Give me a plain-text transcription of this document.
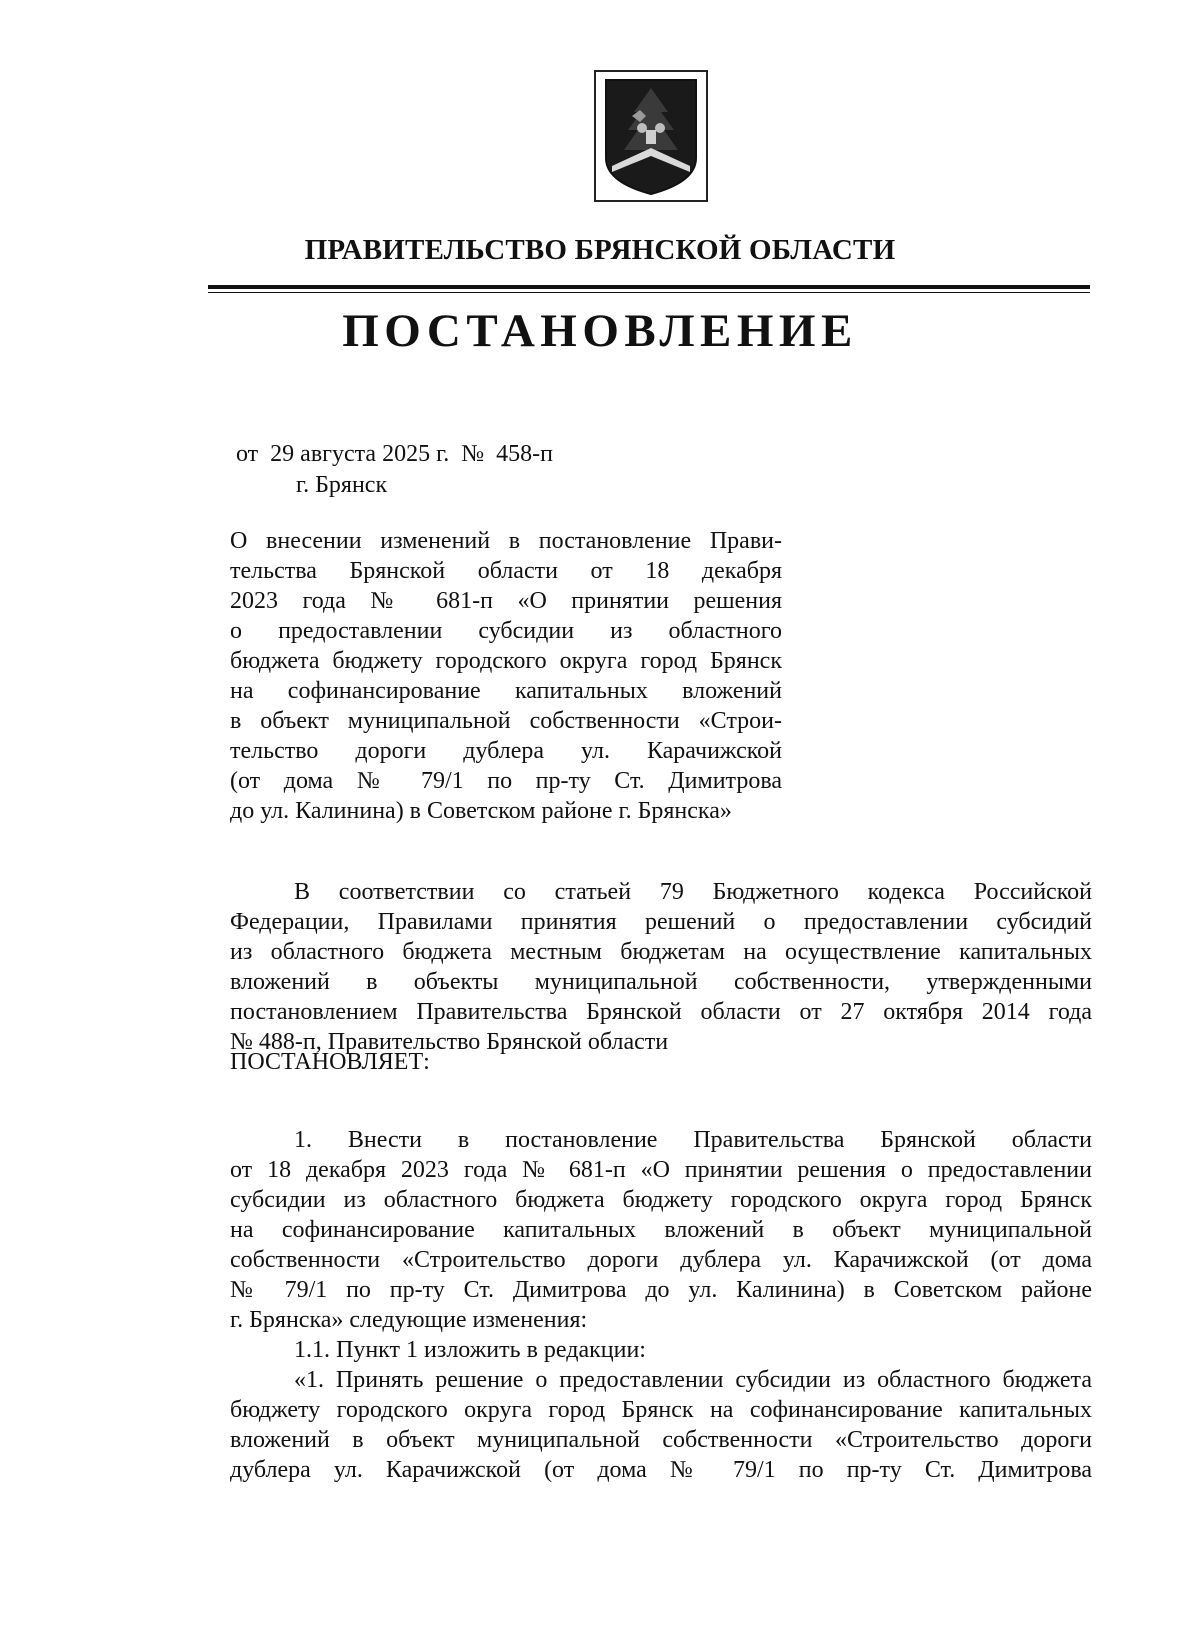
ПРАВИТЕЛЬСТВО БРЯНСКОЙ ОБЛАСТИ
ПОСТАНОВЛЕНИЕ
от  29 августа 2025 г.  №  458-п
г. Брянск
О внесении изменений в постановление Прави-
тельства Брянской области от 18 декабря
2023 года № 681-п «О принятии решения
о предоставлении субсидии из областного
бюджета бюджету городского округа город Брянск
на софинансирование капитальных вложений
в объект муниципальной собственности «Строи-
тельство дороги дублера ул. Карачижской
(от дома № 79/1 по пр-ту Ст. Димитрова
до ул. Калинина) в Советском районе г. Брянска»
В соответствии со статьей 79 Бюджетного кодекса Российской
Федерации, Правилами принятия решений о предоставлении субсидий
из областного бюджета местным бюджетам на осуществление капитальных
вложений в объекты муниципальной собственности, утвержденными
постановлением Правительства Брянской области от 27 октября 2014 года
№ 488-п, Правительство Брянской области
ПОСТАНОВЛЯЕТ:
1. Внести в постановление Правительства Брянской области
от 18 декабря 2023 года № 681-п «О принятии решения о предоставлении
субсидии из областного бюджета бюджету городского округа город Брянск
на софинансирование капитальных вложений в объект муниципальной
собственности «Строительство дороги дублера ул. Карачижской (от дома
№ 79/1 по пр-ту Ст. Димитрова до ул. Калинина) в Советском районе
г. Брянска» следующие изменения:
1.1. Пункт 1 изложить в редакции:
«1. Принять решение о предоставлении субсидии из областного бюджета
бюджету городского округа город Брянск на софинансирование капитальных
вложений в объект муниципальной собственности «Строительство дороги
дублера ул. Карачижской (от дома № 79/1 по пр-ту Ст. Димитрова
